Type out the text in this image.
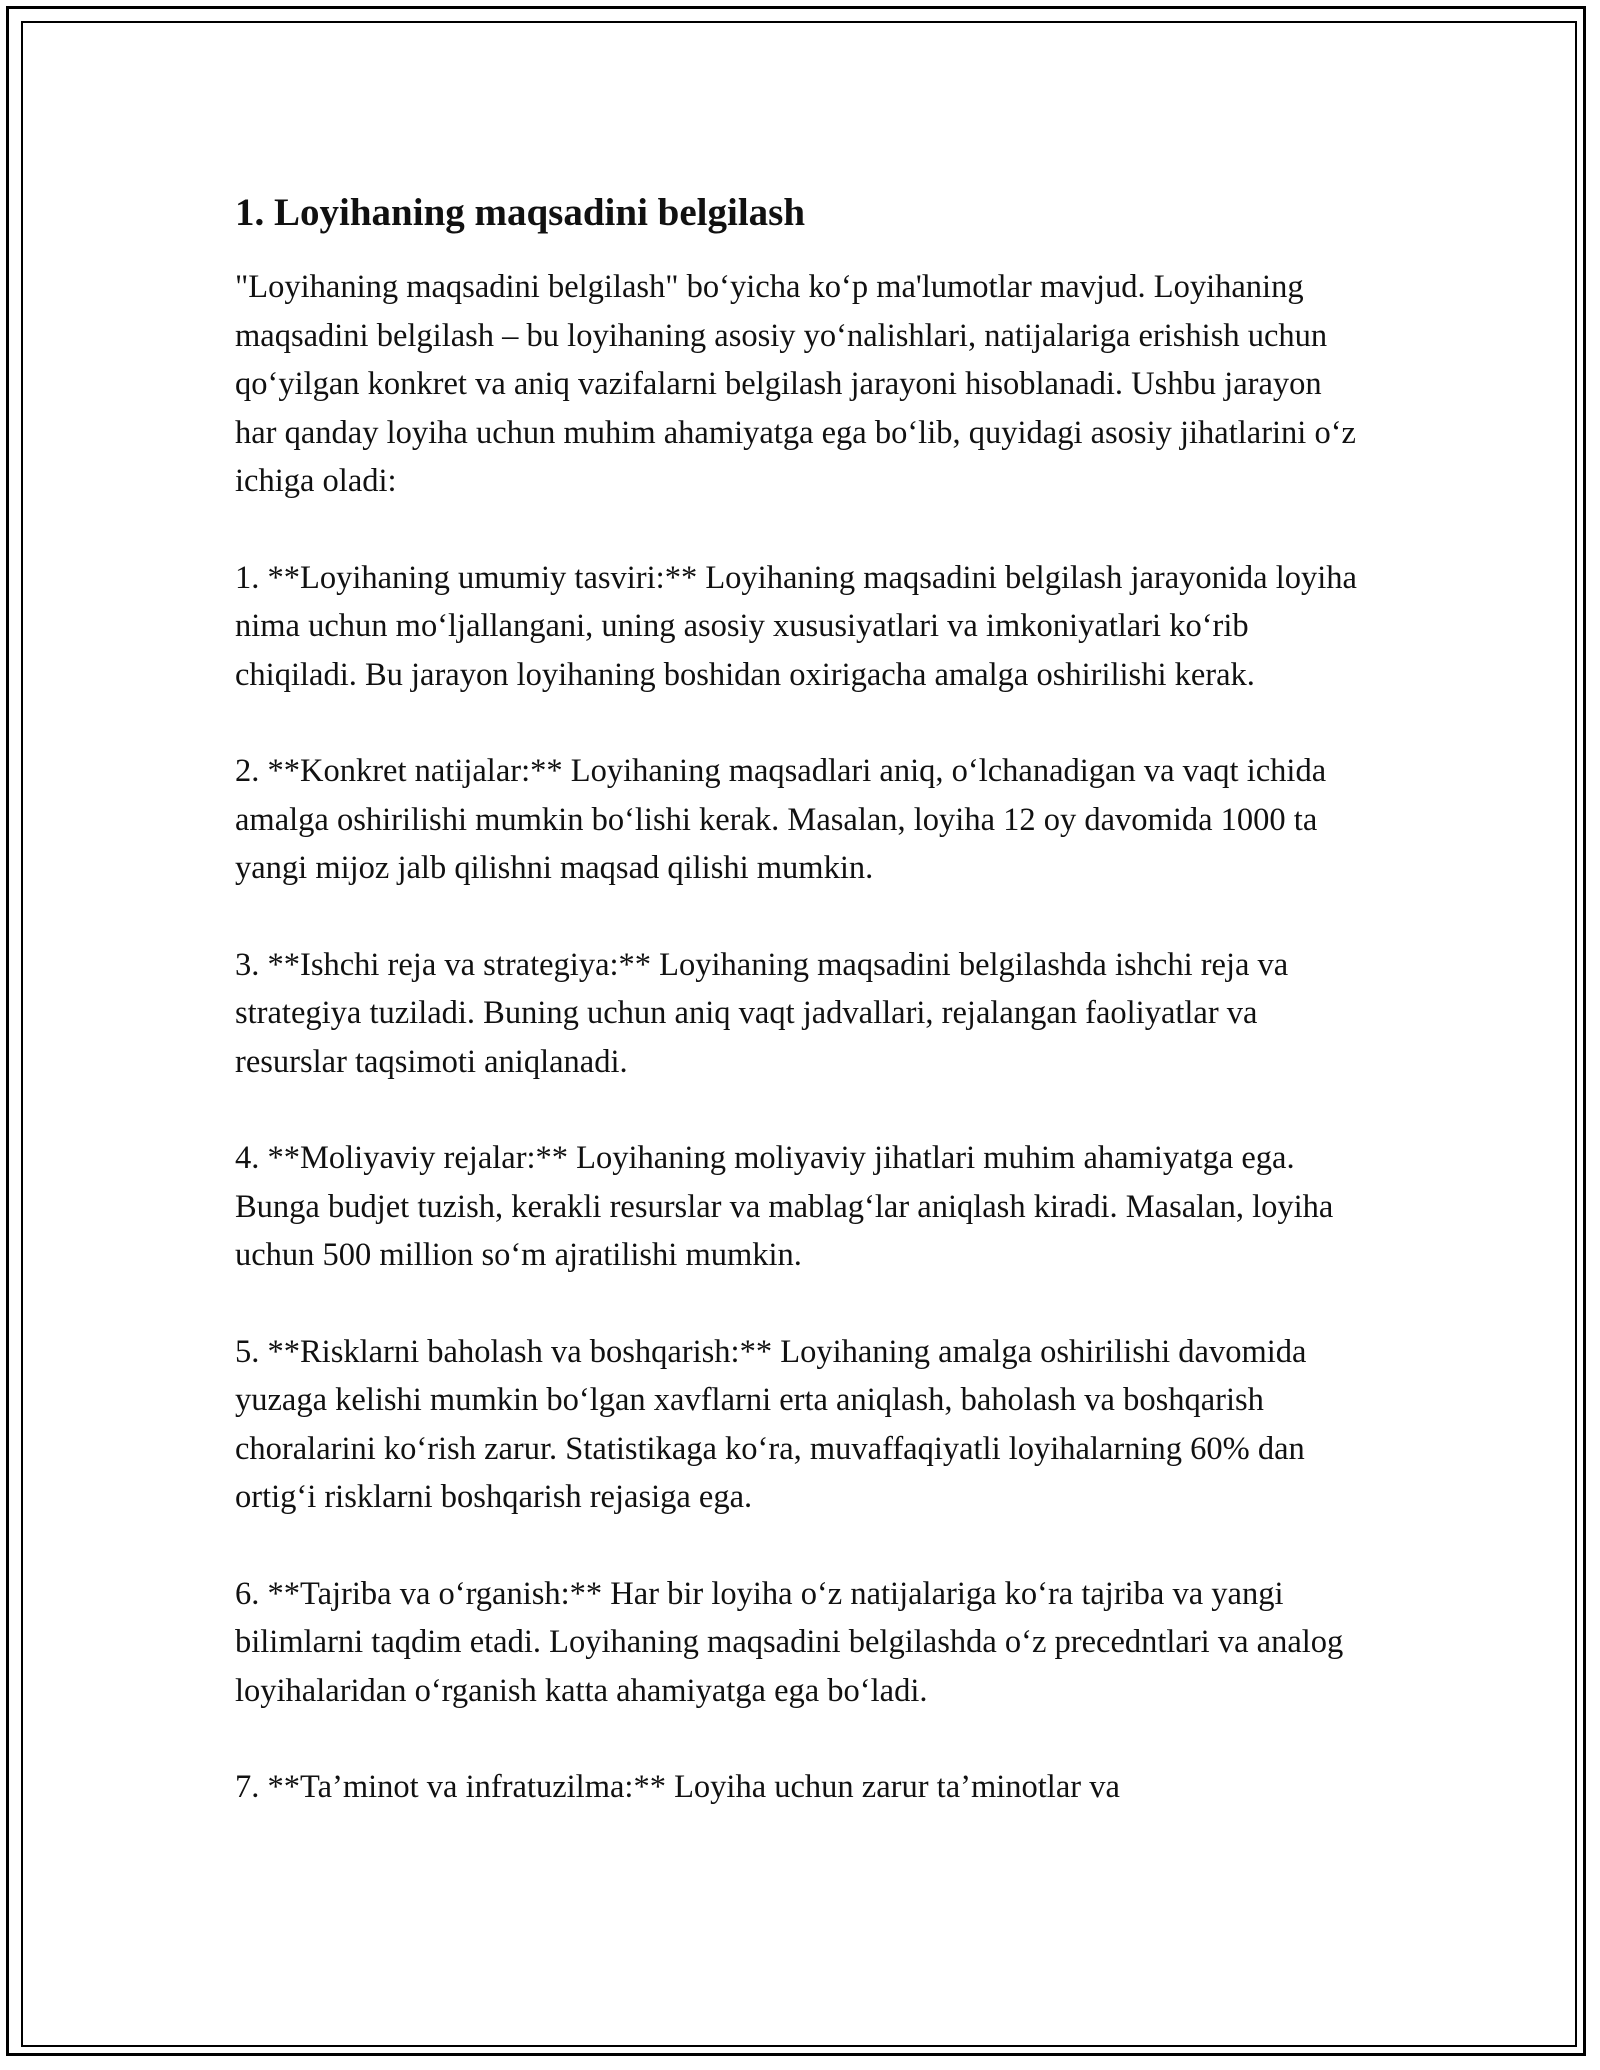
1. Loyihaning maqsadini belgilash

"Loyihaning maqsadini belgilash" bo‘yicha ko‘p ma'lumotlar mavjud. Loyihaning maqsadini belgilash – bu loyihaning asosiy yo‘nalishlari, natijalariga erishish uchun qo‘yilgan konkret va aniq vazifalarni belgilash jarayoni hisoblanadi. Ushbu jarayon har qanday loyiha uchun muhim ahamiyatga ega bo‘lib, quyidagi asosiy jihatlarini o‘z ichiga oladi:

1. **Loyihaning umumiy tasviri:** Loyihaning maqsadini belgilash jarayonida loyiha nima uchun mo‘ljallangani, uning asosiy xususiyatlari va imkoniyatlari ko‘rib chiqiladi. Bu jarayon loyihaning boshidan oxirigacha amalga oshirilishi kerak.

2. **Konkret natijalar:** Loyihaning maqsadlari aniq, o‘lchanadigan va vaqt ichida amalga oshirilishi mumkin bo‘lishi kerak. Masalan, loyiha 12 oy davomida 1000 ta yangi mijoz jalb qilishni maqsad qilishi mumkin.

3. **Ishchi reja va strategiya:** Loyihaning maqsadini belgilashda ishchi reja va strategiya tuziladi. Buning uchun aniq vaqt jadvallari, rejalangan faoliyatlar va resurslar taqsimoti aniqlanadi.

4. **Moliyaviy rejalar:** Loyihaning moliyaviy jihatlari muhim ahamiyatga ega. Bunga budjet tuzish, kerakli resurslar va mablag‘lar aniqlash kiradi. Masalan, loyiha uchun 500 million so‘m ajratilishi mumkin.

5. **Risklarni baholash va boshqarish:** Loyihaning amalga oshirilishi davomida yuzaga kelishi mumkin bo‘lgan xavflarni erta aniqlash, baholash va boshqarish choralarini ko‘rish zarur. Statistikaga ko‘ra, muvaffaqiyatli loyihalarning 60% dan ortig‘i risklarni boshqarish rejasiga ega.

6. **Tajriba va o‘rganish:** Har bir loyiha o‘z natijalariga ko‘ra tajriba va yangi bilimlarni taqdim etadi. Loyihaning maqsadini belgilashda o‘z precedntlari va analog loyihalaridan o‘rganish katta ahamiyatga ega bo‘ladi.

7. **Ta’minot va infratuzilma:** Loyiha uchun zarur ta’minotlar va
